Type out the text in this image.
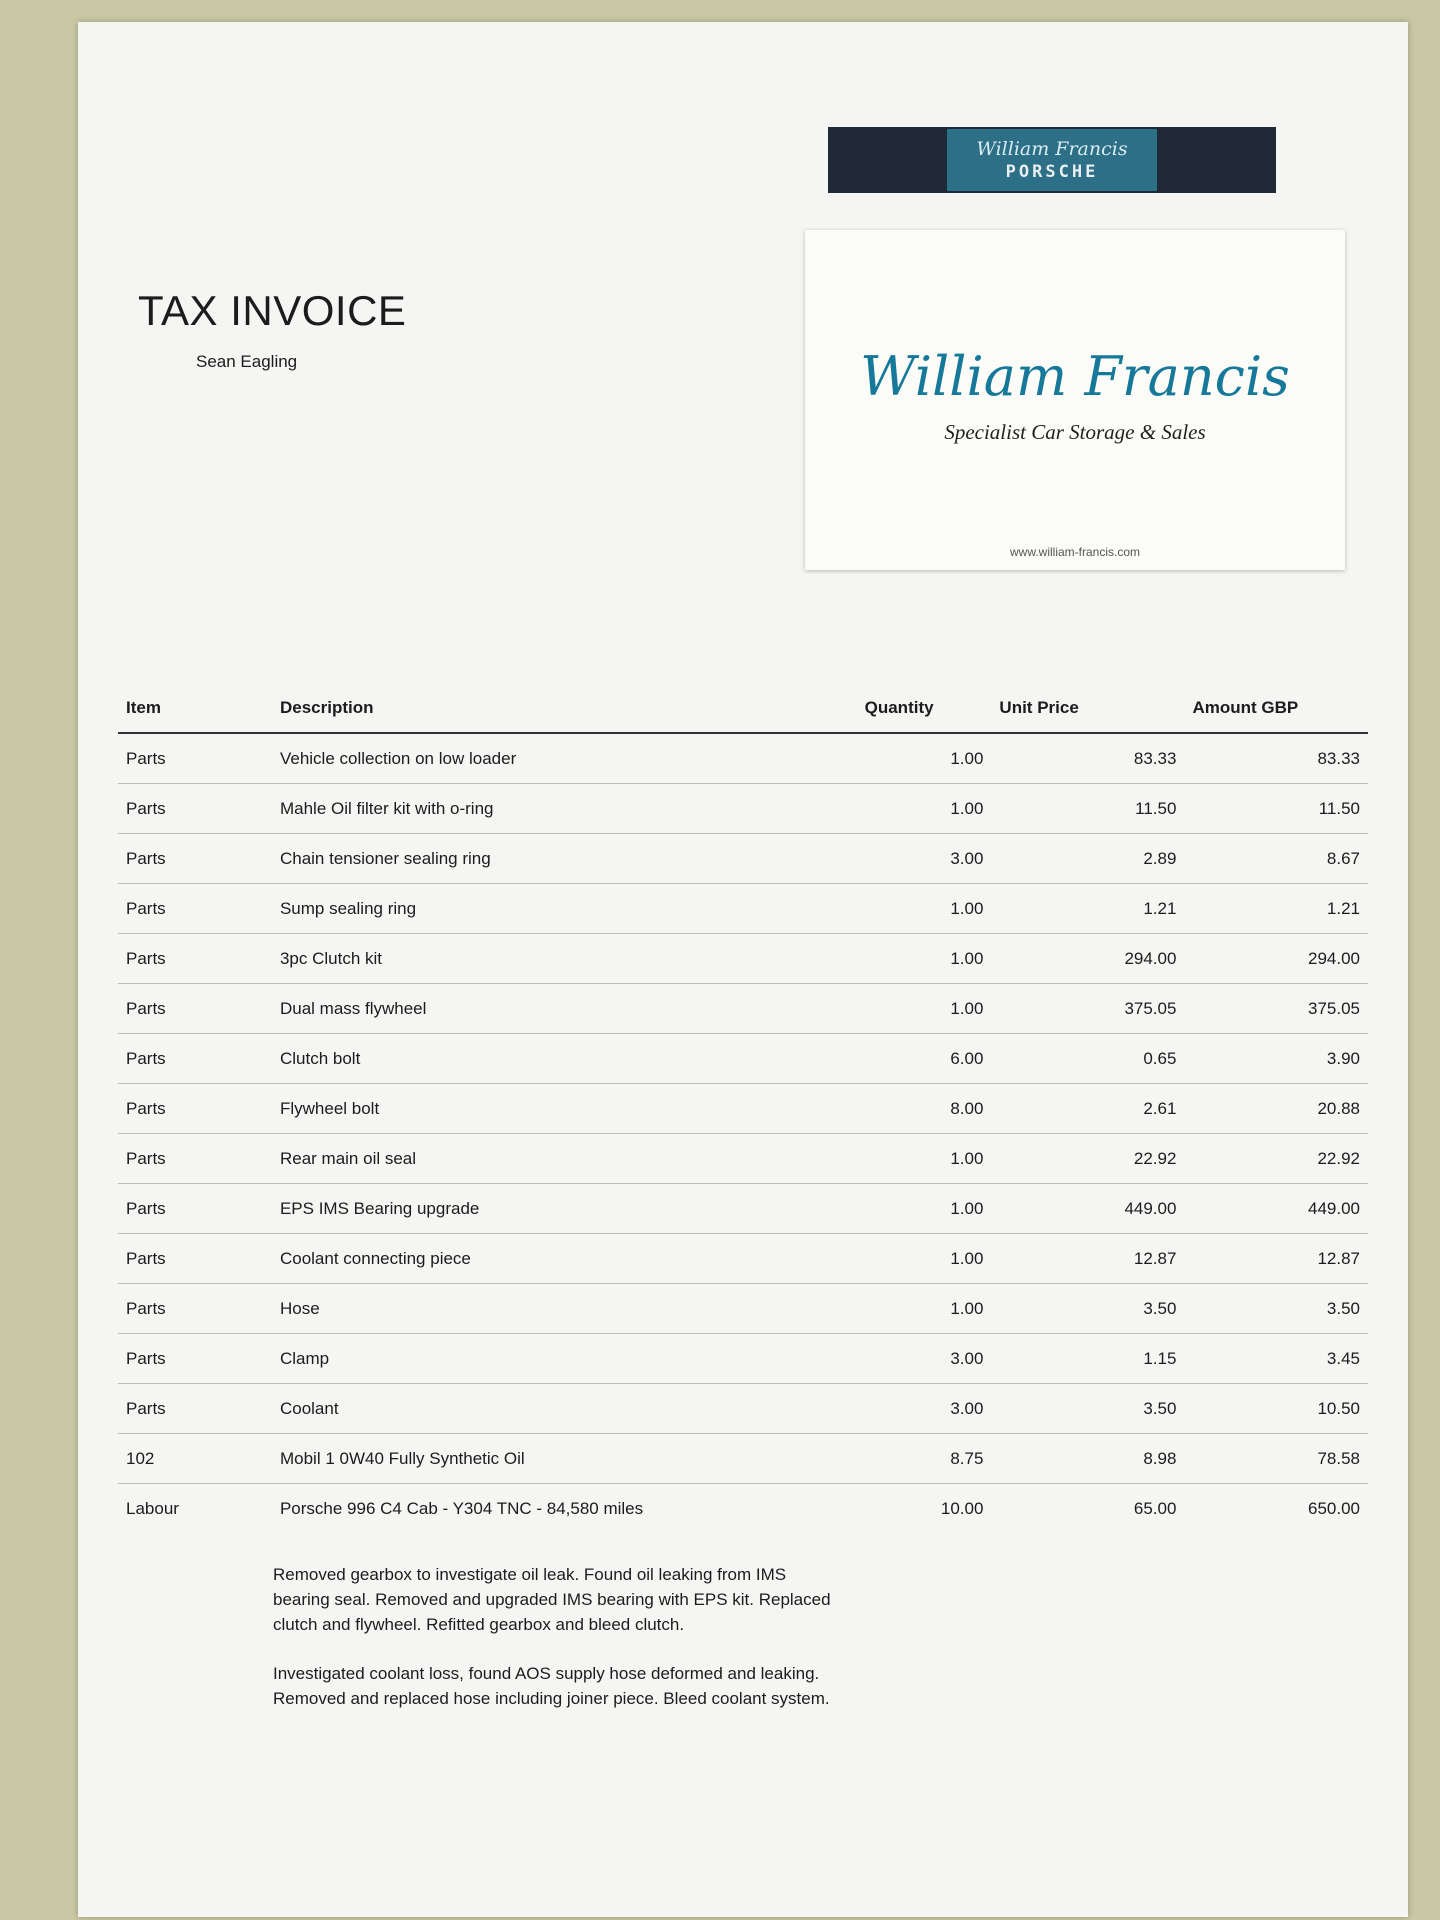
William Francis
PORSCHE
William Francis
Specialist Car Storage & Sales
www.william-francis.com
TAX INVOICE
Sean Eagling
Item	Description	Quantity	Unit Price	Amount GBP
Parts	Vehicle collection on low loader	1.00	83.33	83.33
Parts	Mahle Oil filter kit with o-ring	1.00	11.50	11.50
Parts	Chain tensioner sealing ring	3.00	2.89	8.67
Parts	Sump sealing ring	1.00	1.21	1.21
Parts	3pc Clutch kit	1.00	294.00	294.00
Parts	Dual mass flywheel	1.00	375.05	375.05
Parts	Clutch bolt	6.00	0.65	3.90
Parts	Flywheel bolt	8.00	2.61	20.88
Parts	Rear main oil seal	1.00	22.92	22.92
Parts	EPS IMS Bearing upgrade	1.00	449.00	449.00
Parts	Coolant connecting piece	1.00	12.87	12.87
Parts	Hose	1.00	3.50	3.50
Parts	Clamp	3.00	1.15	3.45
Parts	Coolant	3.00	3.50	10.50
102	Mobil 1 0W40 Fully Synthetic Oil	8.75	8.98	78.58
Labour	Porsche 996 C4 Cab - Y304 TNC - 84,580 miles	10.00	65.00	650.00

Removed gearbox to investigate oil leak. Found oil leaking from IMS bearing seal. Removed and upgraded IMS bearing with EPS kit. Replaced clutch and flywheel. Refitted gearbox and bleed clutch.

Investigated coolant loss, found AOS supply hose deformed and leaking. Removed and replaced hose including joiner piece. Bleed coolant system.
